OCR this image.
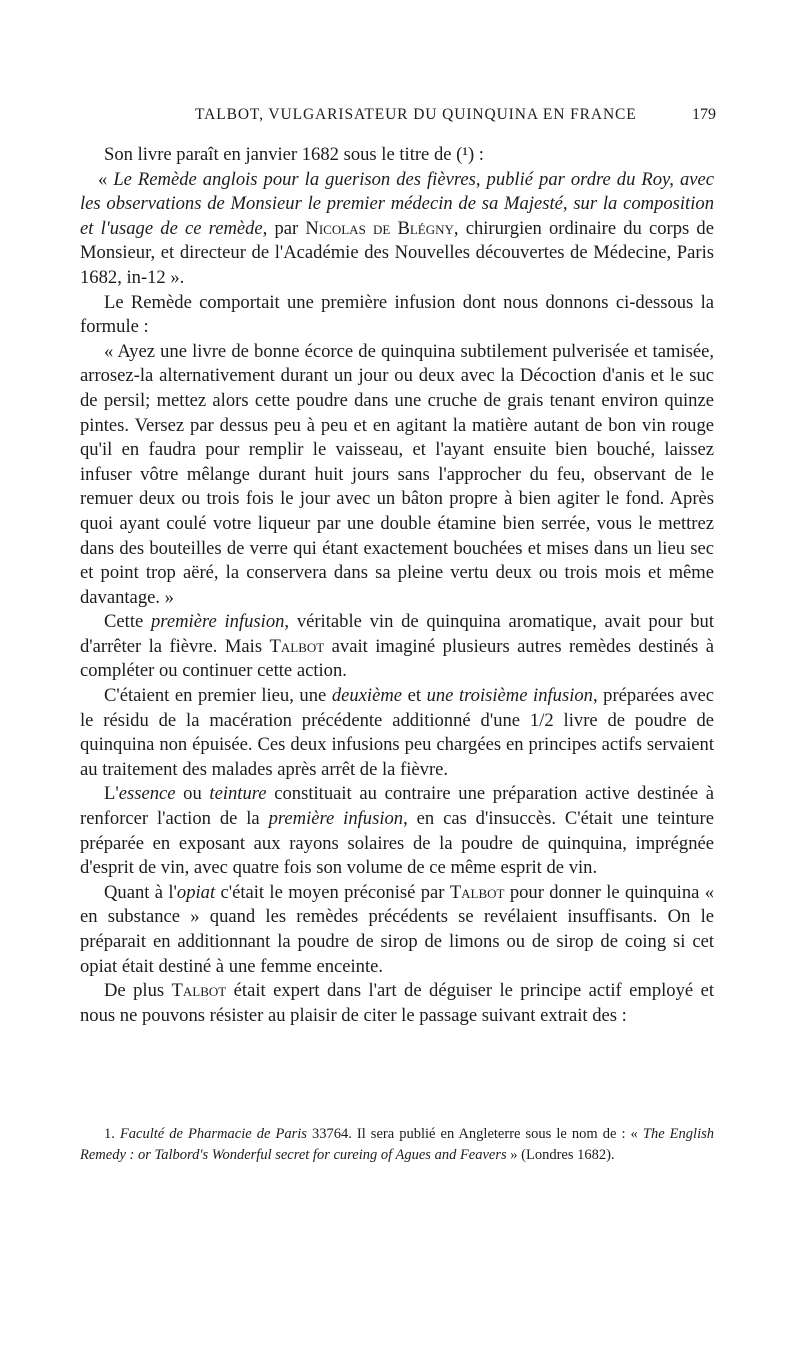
TALBOT, VULGARISATEUR DU QUINQUINA EN FRANCE	179

Son livre paraît en janvier 1682 sous le titre de (¹) :

« Le Remède anglois pour la guerison des fièvres, publié par ordre du Roy, avec les observations de Monsieur le premier médecin de sa Majesté, sur la composition et l'usage de ce remède, par Nicolas de Blégny, chirurgien ordinaire du corps de Monsieur, et directeur de l'Académie des Nouvelles découvertes de Médecine, Paris 1682, in-12 ».

Le Remède comportait une première infusion dont nous donnons ci-dessous la formule :

« Ayez une livre de bonne écorce de quinquina subtilement pulverisée et tamisée, arrosez-la alternativement durant un jour ou deux avec la Décoction d'anis et le suc de persil; mettez alors cette poudre dans une cruche de grais tenant environ quinze pintes. Versez par dessus peu à peu et en agitant la matière autant de bon vin rouge qu'il en faudra pour remplir le vaisseau, et l'ayant ensuite bien bouché, laissez infuser vôtre mêlange durant huit jours sans l'approcher du feu, observant de le remuer deux ou trois fois le jour avec un bâton propre à bien agiter le fond. Après quoi ayant coulé votre liqueur par une double étamine bien serrée, vous le mettrez dans des bouteilles de verre qui étant exactement bouchées et mises dans un lieu sec et point trop aëré, la conservera dans sa pleine vertu deux ou trois mois et même davantage. »

Cette première infusion, véritable vin de quinquina aromatique, avait pour but d'arrêter la fièvre. Mais Talbot avait imaginé plusieurs autres remèdes destinés à compléter ou continuer cette action.

C'étaient en premier lieu, une deuxième et une troisième infusion, préparées avec le résidu de la macération précédente additionné d'une 1/2 livre de poudre de quinquina non épuisée. Ces deux infusions peu chargées en principes actifs servaient au traitement des malades après arrêt de la fièvre.

L'essence ou teinture constituait au contraire une préparation active destinée à renforcer l'action de la première infusion, en cas d'insuccès. C'était une teinture préparée en exposant aux rayons solaires de la poudre de quinquina, imprégnée d'esprit de vin, avec quatre fois son volume de ce même esprit de vin.

Quant à l'opiat c'était le moyen préconisé par Talbot pour donner le quinquina « en substance » quand les remèdes précédents se revélaient insuffisants. On le préparait en additionnant la poudre de sirop de limons ou de sirop de coing si cet opiat était destiné à une femme enceinte.

De plus Talbot était expert dans l'art de déguiser le principe actif employé et nous ne pouvons résister au plaisir de citer le passage suivant extrait des :

1. Faculté de Pharmacie de Paris 33764. Il sera publié en Angleterre sous le nom de : « The English Remedy : or Talbord's Wonderful secret for cureing of Agues and Feavers » (Londres 1682).
